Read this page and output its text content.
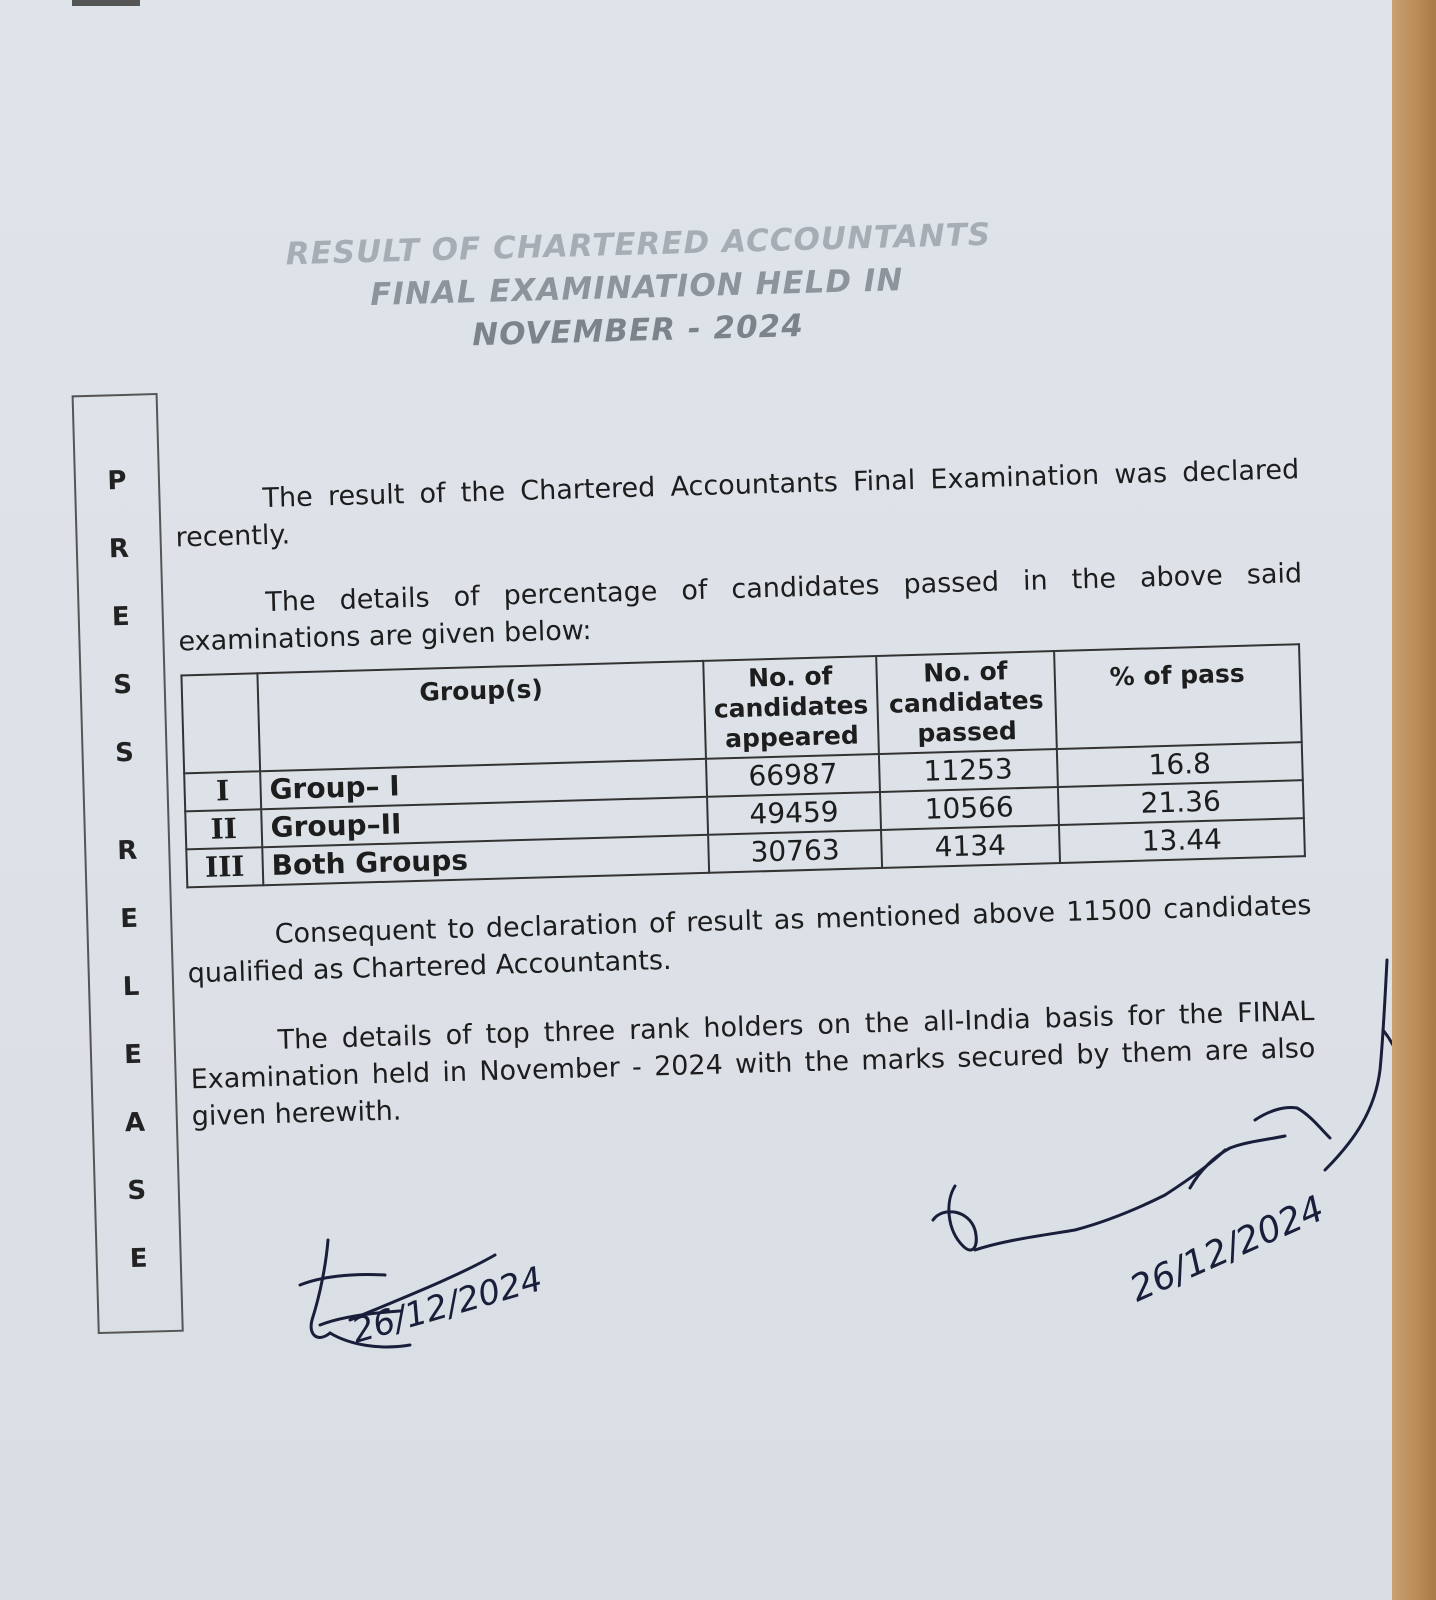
RESULT OF CHARTERED ACCOUNTANTS
FINAL EXAMINATION HELD IN
NOVEMBER - 2024
P
R
E
S
S
R
E
L
E
A
S
E
The result of the Chartered Accountants Final Examination was declared recently.
The details of percentage of candidates passed in the above said examinations are given below:
	Group(s)	No. of candidates appeared	No. of candidates passed	% of pass
I	Group– I	66987	11253	16.8
II	Group–II	49459	10566	21.36
III	Both Groups	30763	4134	13.44
Consequent to declaration of result as mentioned above 11500 candidates qualified as Chartered Accountants.
The details of top three rank holders on the all-India basis for the FINAL Examination held in November - 2024 with the marks secured by them are also given herewith.
26/12/2024	26/12/2024
